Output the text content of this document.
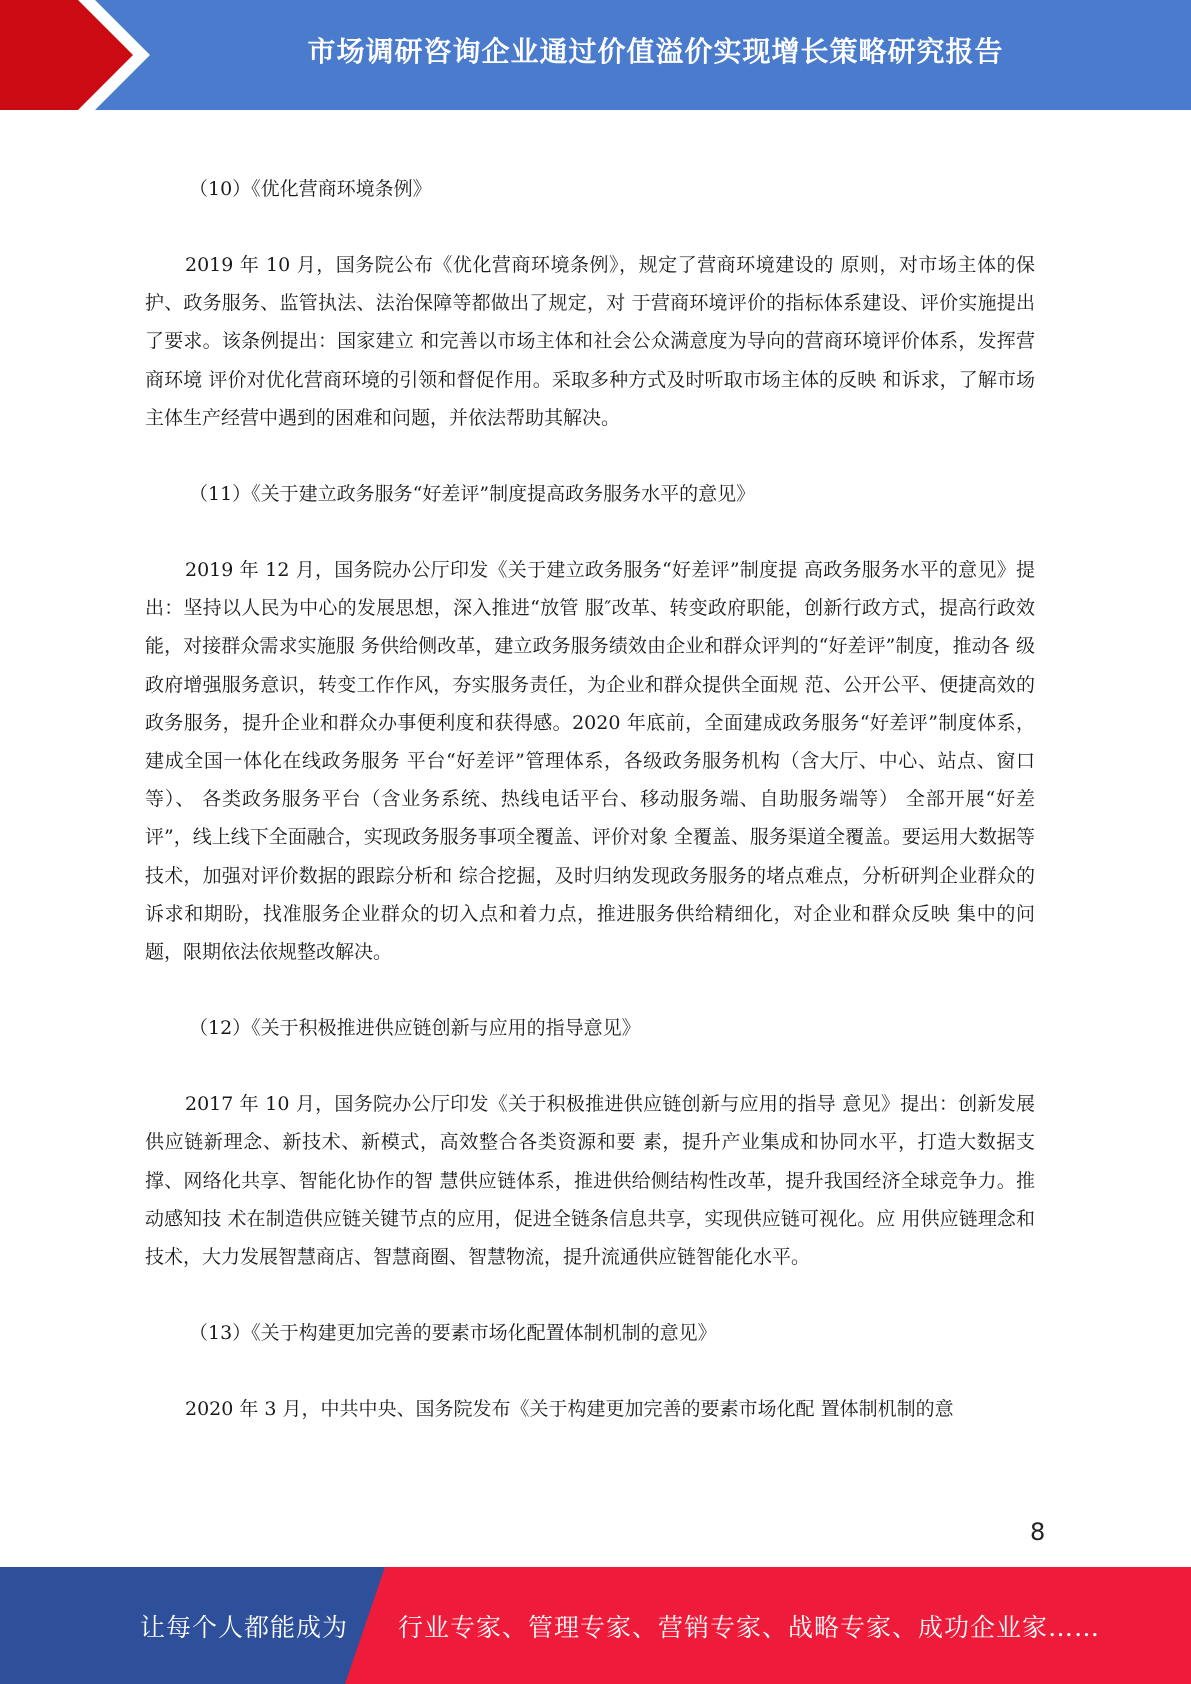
市场调研咨询企业通过价值溢价实现增长策略研究报告

（10）《优化营商环境条例》

2019 年 10 月，国务院公布《优化营商环境条例》，规定了营商环境建设的 原则，对市场主体的保护、政务服务、监管执法、法治保障等都做出了规定，对 于营商环境评价的指标体系建设、评价实施提出了要求。该条例提出：国家建立 和完善以市场主体和社会公众满意度为导向的营商环境评价体系，发挥营商环境 评价对优化营商环境的引领和督促作用。采取多种方式及时听取市场主体的反映 和诉求，了解市场主体生产经营中遇到的困难和问题，并依法帮助其解决。

（11）《关于建立政务服务“好差评”制度提高政务服务水平的意见》

2019 年 12 月，国务院办公厅印发《关于建立政务服务“好差评”制度提 高政务服务水平的意见》提出：坚持以人民为中心的发展思想，深入推进“放管 服″改革、转变政府职能，创新行政方式，提高行政效能，对接群众需求实施服 务供给侧改革，建立政务服务绩效由企业和群众评判的“好差评”制度，推动各 级政府增强服务意识，转变工作作风，夯实服务责任，为企业和群众提供全面规 范、公开公平、便捷高效的政务服务，提升企业和群众办事便利度和获得感。2020 年底前，全面建成政务服务“好差评”制度体系，建成全国一体化在线政务服务 平台“好差评”管理体系，各级政务服务机构（含大厅、中心、站点、窗口等）、 各类政务服务平台（含业务系统、热线电话平台、移动服务端、自助服务端等） 全部开展“好差评”，线上线下全面融合，实现政务服务事项全覆盖、评价对象 全覆盖、服务渠道全覆盖。要运用大数据等技术，加强对评价数据的跟踪分析和 综合挖掘，及时归纳发现政务服务的堵点难点，分析研判企业群众的诉求和期盼，找准服务企业群众的切入点和着力点，推进服务供给精细化，对企业和群众反映 集中的问题，限期依法依规整改解决。

（12）《关于积极推进供应链创新与应用的指导意见》

2017 年 10 月，国务院办公厅印发《关于积极推进供应链创新与应用的指导 意见》提出：创新发展供应链新理念、新技术、新模式，高效整合各类资源和要 素，提升产业集成和协同水平，打造大数据支撑、网络化共享、智能化协作的智 慧供应链体系，推进供给侧结构性改革，提升我国经济全球竞争力。推动感知技 术在制造供应链关键节点的应用，促进全链条信息共享，实现供应链可视化。应 用供应链理念和技术，大力发展智慧商店、智慧商圈、智慧物流，提升流通供应链智能化水平。

（13）《关于构建更加完善的要素市场化配置体制机制的意见》

2020 年 3 月，中共中央、国务院发布《关于构建更加完善的要素市场化配 置体制机制的意

8
让每个人都能成为 行业专家、管理专家、营销专家、战略专家、成功企业家……
